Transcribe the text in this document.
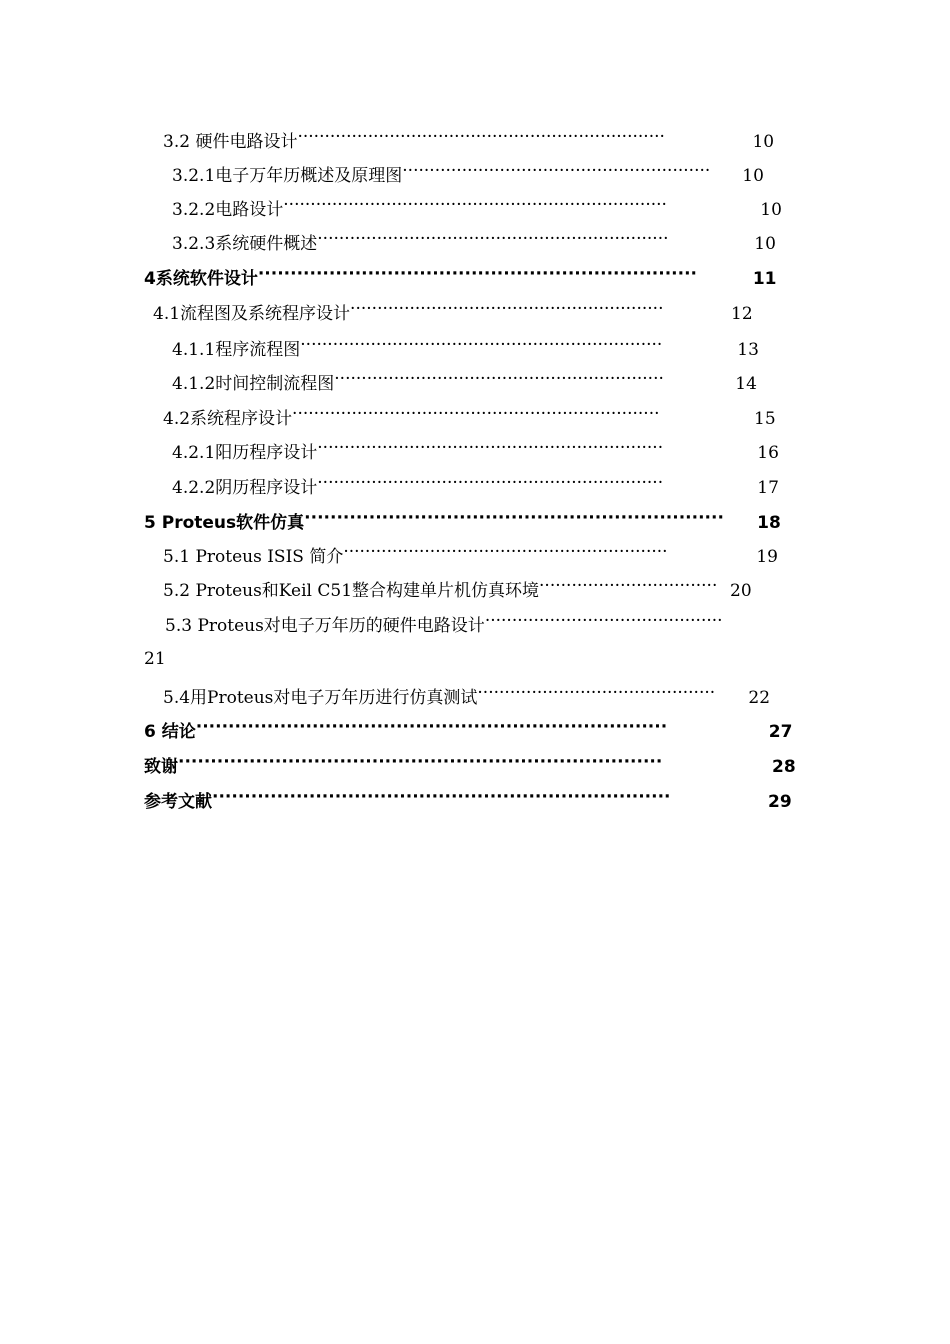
3.2 硬件电路设计····································································	10
3.2.1电子万年历概述及原理图························································· 10
3.2.2电路设计·······································································	10
3.2.3系统硬件概述·································································	10
4系统软件设计····································································	11
4.1流程图及系统程序设计··························································	12
4.1.1程序流程图···································································	13
4.1.2时间控制流程图·····························································	14
4.2系统程序设计····································································	15
4.2.1阳历程序设计································································	16
4.2.2阴历程序设计································································	17
5 Proteus软件仿真································································· 18
5.1 Proteus ISIS 简介····························································	19
5.2 Proteus和Keil C51整合构建单片机仿真环境································· 20
5.3 Proteus对电子万年历的硬件电路设计············································
21
5.4用Proteus对电子万年历进行仿真测试············································ 22
6 结论·········································································	27
致谢···········································································	28
参考文献·······································································	29
